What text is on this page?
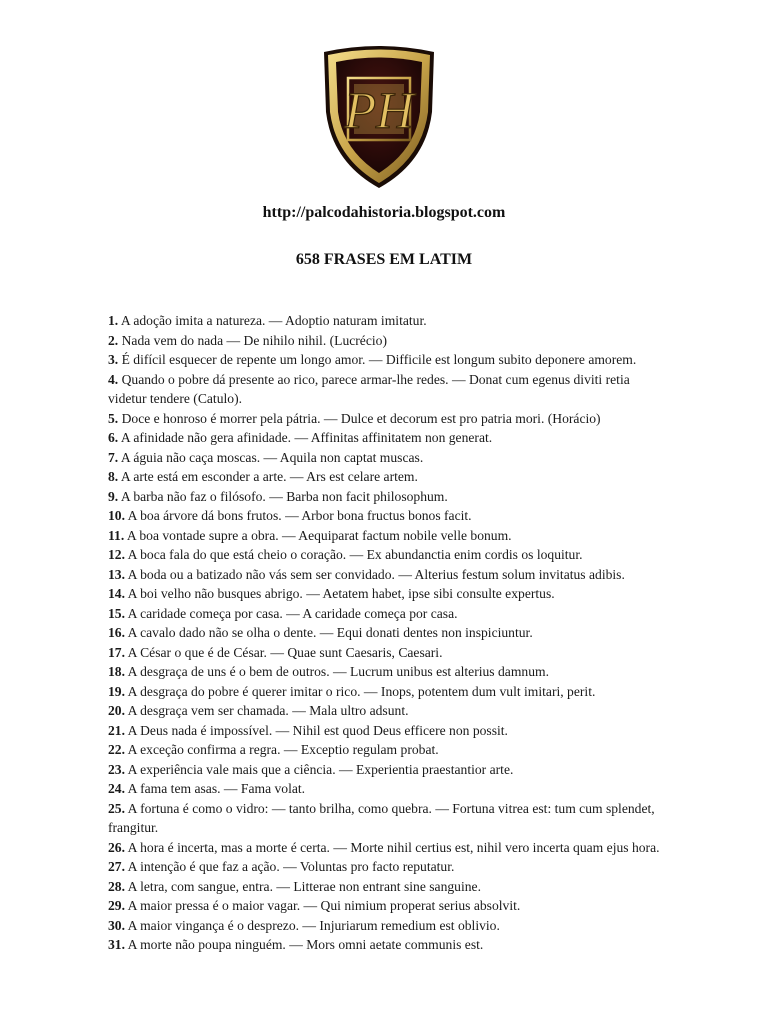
PH
http://palcodahistoria.blogspot.com
658 FRASES EM LATIM
1. A adoção imita a natureza. — Adoptio naturam imitatur.
2. Nada vem do nada — De nihilo nihil. (Lucrécio)
3. É difícil esquecer de repente um longo amor. — Difficile est longum subito deponere amorem.
4. Quando o pobre dá presente ao rico, parece armar-lhe redes. — Donat cum egenus diviti retia videtur tendere (Catulo).
5. Doce e honroso é morrer pela pátria. — Dulce et decorum est pro patria mori. (Horácio)
6. A afinidade não gera afinidade. — Affinitas affinitatem non generat.
7. A águia não caça moscas. — Aquila non captat muscas.
8. A arte está em esconder a arte. — Ars est celare artem.
9. A barba não faz o filósofo. — Barba non facit philosophum.
10. A boa árvore dá bons frutos. — Arbor bona fructus bonos facit.
11. A boa vontade supre a obra. — Aequiparat factum nobile velle bonum.
12. A boca fala do que está cheio o coração. — Ex abundanctia enim cordis os loquitur.
13. A boda ou a batizado não vás sem ser convidado. — Alterius festum solum invitatus adibis.
14. A boi velho não busques abrigo. — Aetatem habet, ipse sibi consulte expertus.
15. A caridade começa por casa. — A caridade começa por casa.
16. A cavalo dado não se olha o dente. — Equi donati dentes non inspiciuntur.
17. A César o que é de César. — Quae sunt Caesaris, Caesari.
18. A desgraça de uns é o bem de outros. — Lucrum unibus est alterius damnum.
19. A desgraça do pobre é querer imitar o rico. — Inops, potentem dum vult imitari, perit.
20. A desgraça vem ser chamada. — Mala ultro adsunt.
21. A Deus nada é impossível. — Nihil est quod Deus efficere non possit.
22. A exceção confirma a regra. — Exceptio regulam probat.
23. A experiência vale mais que a ciência. — Experientia praestantior arte.
24. A fama tem asas. — Fama volat.
25. A fortuna é como o vidro: — tanto brilha, como quebra. — Fortuna vitrea est: tum cum splendet, frangitur.
26. A hora é incerta, mas a morte é certa. — Morte nihil certius est, nihil vero incerta quam ejus hora.
27. A intenção é que faz a ação. — Voluntas pro facto reputatur.
28. A letra, com sangue, entra. — Litterae non entrant sine sanguine.
29. A maior pressa é o maior vagar. — Qui nimium properat serius absolvit.
30. A maior vingança é o desprezo. — Injuriarum remedium est oblivio.
31. A morte não poupa ninguém. — Mors omni aetate communis est.
